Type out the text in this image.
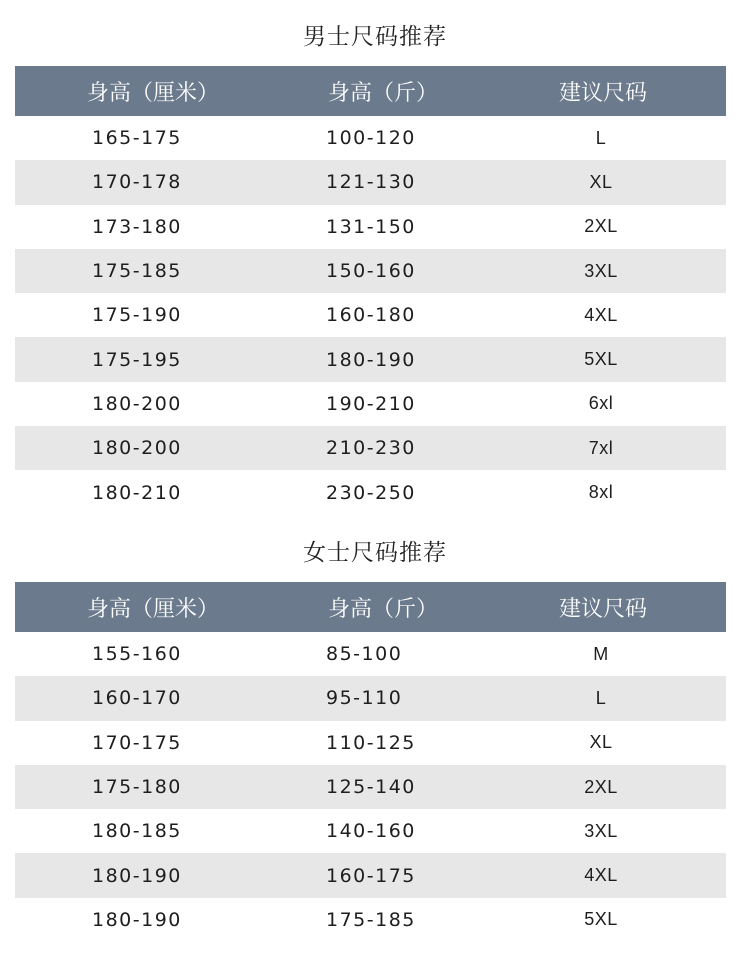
男士尺码推荐
身高（厘米）	身高（斤）	建议尺码
165-175	100-120	L
170-178	121-130	XL
173-180	131-150	2XL
175-185	150-160	3XL
175-190	160-180	4XL
175-195	180-190	5XL
180-200	190-210	6xl
180-200	210-230	7xl
180-210	230-250	8xl
女士尺码推荐
身高（厘米）	身高（斤）	建议尺码
155-160	85-100	M
160-170	95-110	L
170-175	110-125	XL
175-180	125-140	2XL
180-185	140-160	3XL
180-190	160-175	4XL
180-190	175-185	5XL
